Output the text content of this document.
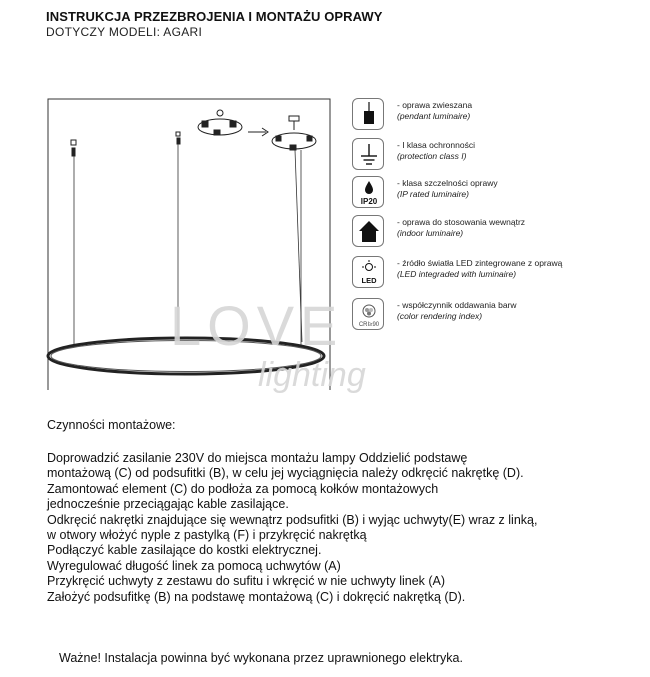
INSTRUKCJA PRZEZBROJENIA I MONTAŻU OPRAWY
DOTYCZY MODELI: AGARI
LOVE
lighting
- oprawa zwieszana
(pendant luminaire)
- I klasa ochronności
(protection class I)
IP20
- klasa szczelności oprawy
(IP rated luminaire)
- oprawa do stosowania wewnątrz
(indoor luminaire)
LED
- źródło światła LED zintegrowane z oprawą
(LED integraded with luminaire)
CRI≥90
- współczynnik oddawania barw
(color rendering index)
Czynności montażowe:
Doprowadzić zasilanie 230V do miejsca montażu lampy Oddzielić podstawę
montażową (C) od podsufitki (B), w celu jej wyciągnięcia należy odkręcić nakrętkę (D).
Zamontować element (C) do podłoża za pomocą kołków montażowych
jednocześnie przeciągając kable zasilające.
Odkręcić nakrętki znajdujące się wewnątrz podsufitki (B) i wyjąc uchwyty(E) wraz z linką,
w otwory włożyć nyple z pastylką (F) i przykręcić nakrętką
Podłączyć kable zasilające do kostki elektrycznej.
Wyregulować długość linek za pomocą uchwytów (A)
Przykręcić uchwyty z zestawu do sufitu i wkręcić w nie uchwyty linek (A)
Założyć podsufitkę (B) na podstawę montażową (C) i dokręcić nakrętką (D).
Ważne! Instalacja powinna być wykonana przez uprawnionego elektryka.
